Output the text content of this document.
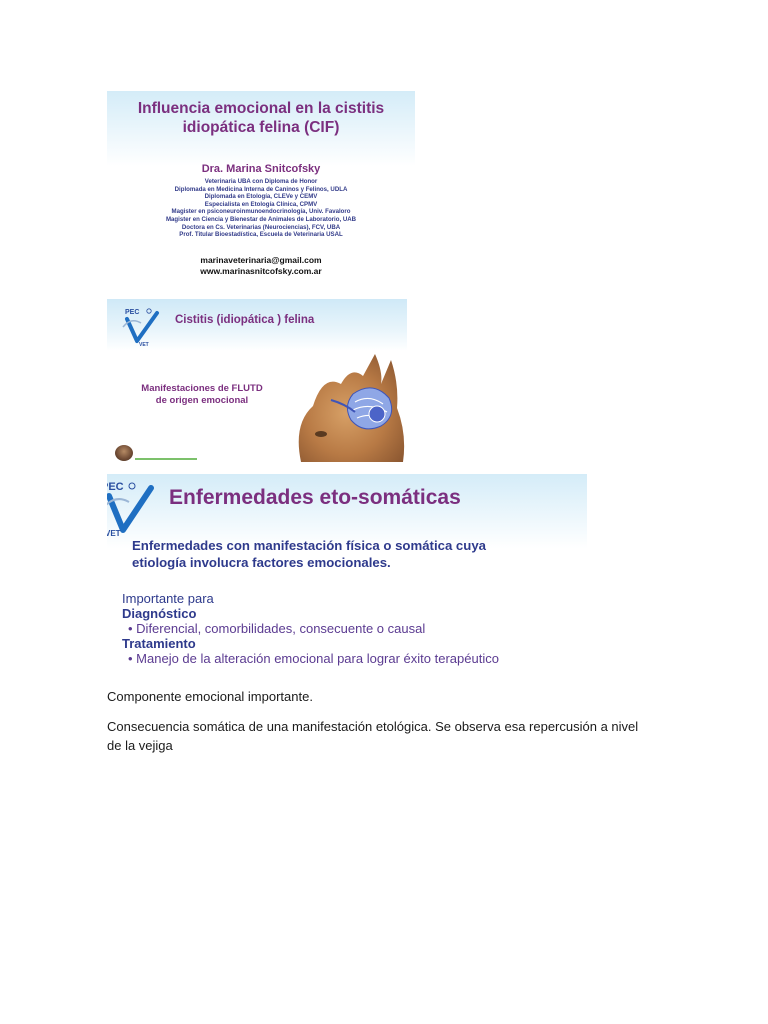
Influencia emocional en la cistitis
idiopática felina (CIF)
Dra. Marina Snitcofsky
Veterinaria UBA con Diploma de Honor
Diplomada en Medicina Interna de Caninos y Felinos, UDLA
Diplomada en Etología, CLEVe y CEMV
Especialista en Etología Clínica, CPMV
Magister en psiconeuroinmunoendocrinología, Univ. Favaloro
Magister en Ciencia y Bienestar de Animales de Laboratorio, UAB
Doctora en Cs. Veterinarias (Neurociencias), FCV, UBA
Prof. Titular Bioestadística, Escuela de Veterinaria USAL
marinaveterinaria@gmail.com
www.marinasnitcofsky.com.ar
PEC
VET
Cistitis (idiopática ) felina
Manifestaciones de FLUTD
de origen emocional
PEC
VET
Enfermedades eto-somáticas
Enfermedades con manifestación física o somática cuya
etiología involucra factores emocionales.
Importante para
Diagnóstico
• Diferencial, comorbilidades, consecuente o causal
Tratamiento
• Manejo de la alteración emocional para lograr éxito terapéutico
Componente emocional importante.
Consecuencia somática de una manifestación etológica. Se observa esa repercusión a nivel
de la vejiga
